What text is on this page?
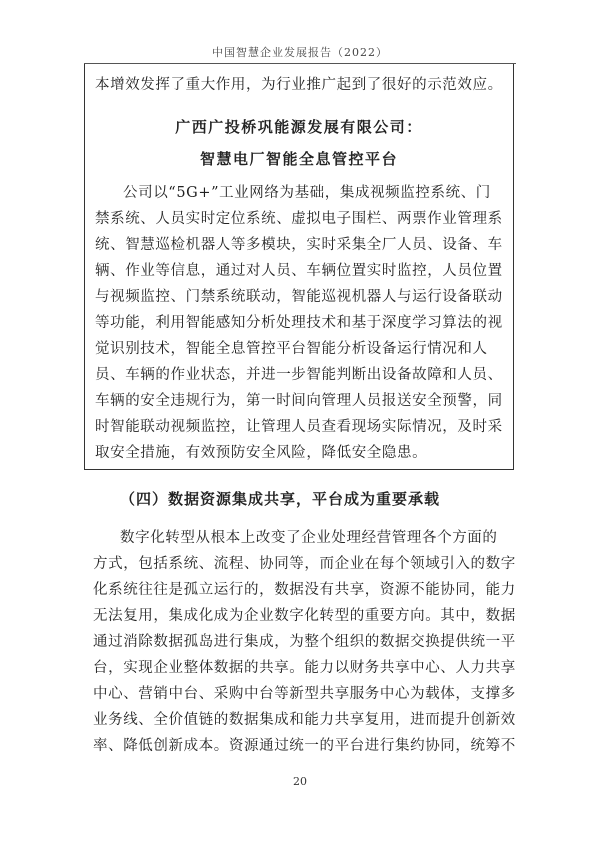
中国智慧企业发展报告（2022）
本增效发挥了重大作用，为行业推广起到了很好的示范效应。
广西广投桥巩能源发展有限公司：
智慧电厂智能全息管控平台
公司以“5G+”工业网络为基础，集成视频监控系统、门
禁系统、人员实时定位系统、虚拟电子围栏、两票作业管理系
统、智慧巡检机器人等多模块，实时采集全厂人员、设备、车
辆、作业等信息，通过对人员、车辆位置实时监控，人员位置
与视频监控、门禁系统联动，智能巡视机器人与运行设备联动
等功能，利用智能感知分析处理技术和基于深度学习算法的视
觉识别技术，智能全息管控平台智能分析设备运行情况和人
员、车辆的作业状态，并进一步智能判断出设备故障和人员、
车辆的安全违规行为，第一时间向管理人员报送安全预警，同
时智能联动视频监控，让管理人员查看现场实际情况，及时采
取安全措施，有效预防安全风险，降低安全隐患。
（四）数据资源集成共享，平台成为重要承载
数字化转型从根本上改变了企业处理经营管理各个方面的
方式，包括系统、流程、协同等，而企业在每个领域引入的数字
化系统往往是孤立运行的，数据没有共享，资源不能协同，能力
无法复用，集成化成为企业数字化转型的重要方向。其中，数据
通过消除数据孤岛进行集成，为整个组织的数据交换提供统一平
台，实现企业整体数据的共享。能力以财务共享中心、人力共享
中心、营销中台、采购中台等新型共享服务中心为载体，支撑多
业务线、全价值链的数据集成和能力共享复用，进而提升创新效
率、降低创新成本。资源通过统一的平台进行集约协同，统筹不
20
